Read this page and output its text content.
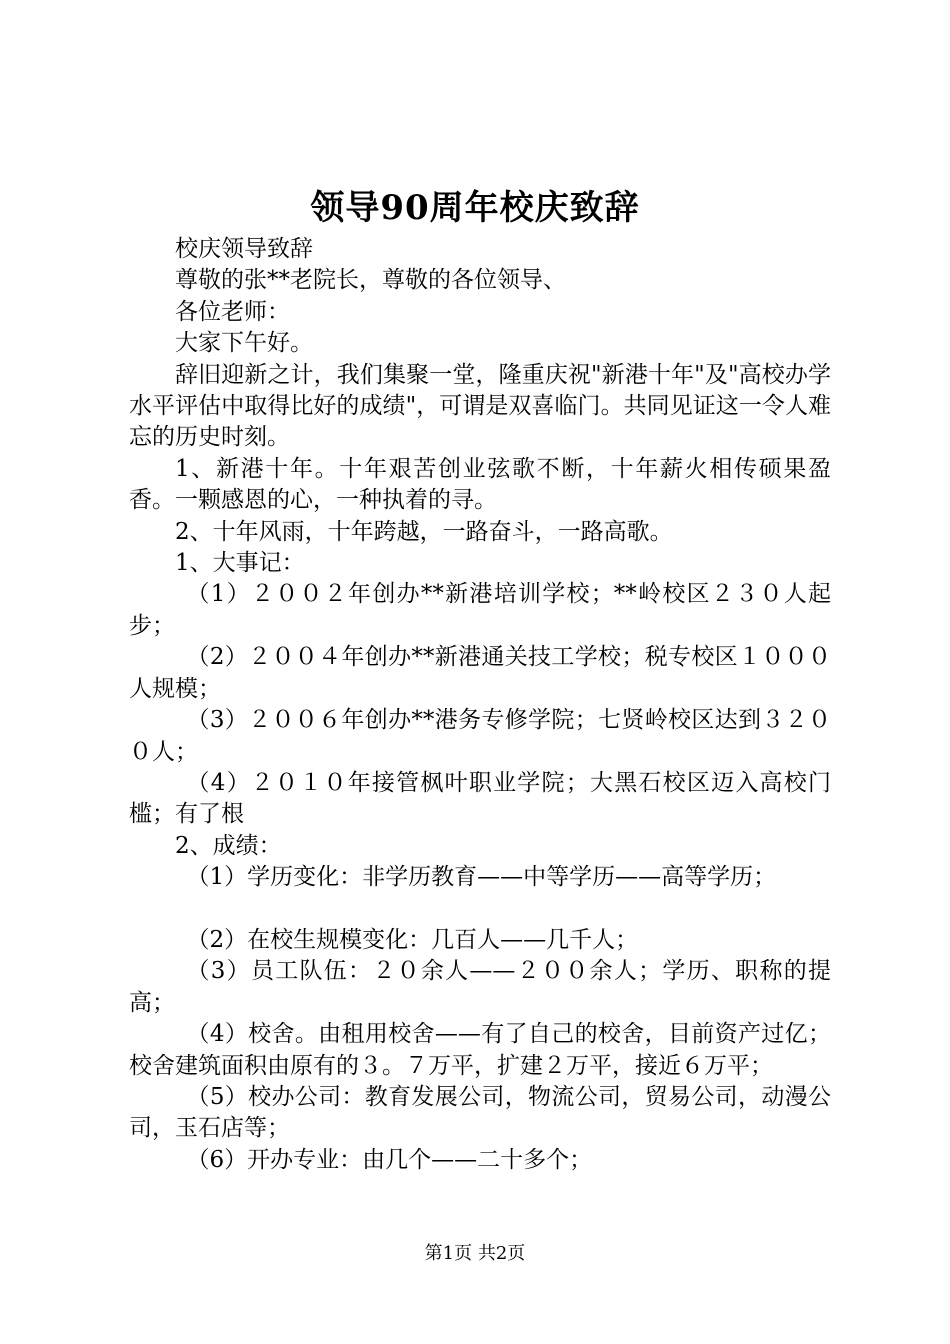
领导90周年校庆致辞

校庆领导致辞

尊敬的张**老院长，尊敬的各位领导、

各位老师：

大家下午好。

辞旧迎新之计，我们集聚一堂，隆重庆祝"新港十年"及"高校办学水平评估中取得比好的成绩"，可谓是双喜临门。共同见证这一令人难忘的历史时刻。

1、新港十年。十年艰苦创业弦歌不断，十年薪火相传硕果盈香。一颗感恩的心，一种执着的寻。

2、十年风雨，十年跨越，一路奋斗，一路高歌。

1、大事记：

（1）２００２年创办**新港培训学校；**岭校区２３０人起步；

（2）２００４年创办**新港通关技工学校；税专校区１０００人规模；

（3）２００６年创办**港务专修学院；七贤岭校区达到３２００人；

（4）２０１０年接管枫叶职业学院；大黑石校区迈入高校门槛；有了根

2、成绩：

（1）学历变化：非学历教育——中等学历——高等学历；

（2）在校生规模变化：几百人——几千人；

（3）员工队伍：２０余人——２００余人；学历、职称的提高；

（4）校舍。由租用校舍——有了自己的校舍，目前资产过亿；校舍建筑面积由原有的３。７万平，扩建２万平，接近６万平；

（5）校办公司：教育发展公司，物流公司，贸易公司，动漫公司，玉石店等；

（6）开办专业：由几个——二十多个；

第1页 共2页
